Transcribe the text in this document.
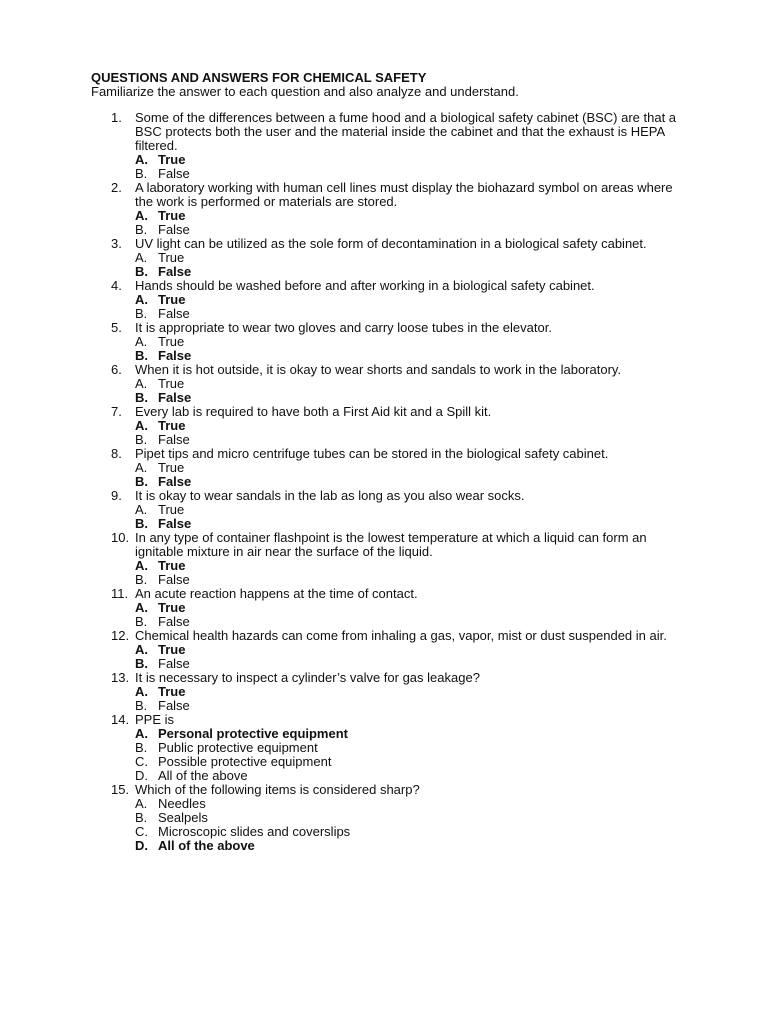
QUESTIONS AND ANSWERS FOR CHEMICAL SAFETY

Familiarize the answer to each question and also analyze and understand.

1.	Some of the differences between a fume hood and a biological safety cabinet (BSC) are that a BSC protects both the user and the material inside the cabinet and that the exhaust is HEPA filtered.
A. True
B. False
2.	A laboratory working with human cell lines must display the biohazard symbol on areas where the work is performed or materials are stored.
A. True
B. False
3.	UV light can be utilized as the sole form of decontamination in a biological safety cabinet.
A. True
B. False
4.	Hands should be washed before and after working in a biological safety cabinet.
A. True
B. False
5.	It is appropriate to wear two gloves and carry loose tubes in the elevator.
A. True
B. False
6.	When it is hot outside, it is okay to wear shorts and sandals to work in the laboratory.
A. True
B. False
7.	Every lab is required to have both a First Aid kit and a Spill kit.
A. True
B. False
8.	Pipet tips and micro centrifuge tubes can be stored in the biological safety cabinet.
A. True
B. False
9.	It is okay to wear sandals in the lab as long as you also wear socks.
A. True
B. False
10. In any type of container flashpoint is the lowest temperature at which a liquid can form an ignitable mixture in air near the surface of the liquid.
A. True
B. False
11. An acute reaction happens at the time of contact.
A. True
B. False
12. Chemical health hazards can come from inhaling a gas, vapor, mist or dust suspended in air.
A. True
B. False
13. It is necessary to inspect a cylinder’s valve for gas leakage?
A. True
B. False
14. PPE is
A. Personal protective equipment
B. Public protective equipment
C. Possible protective equipment
D. All of the above
15. Which of the following items is considered sharp?
A. Needles
B. Sealpels
C. Microscopic slides and coverslips
D. All of the above
